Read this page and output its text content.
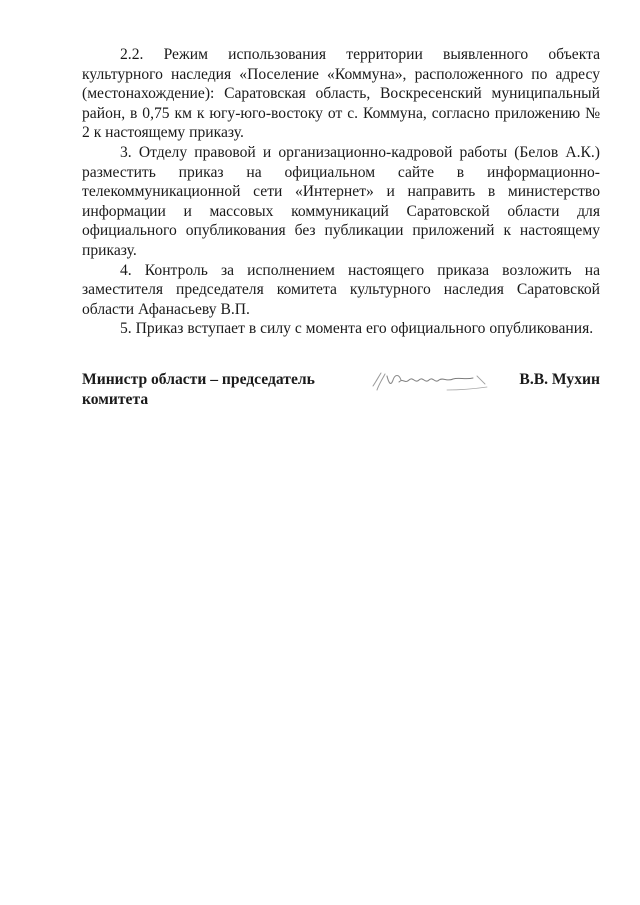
2.2. Режим использования территории выявленного объекта культурного наследия «Поселение «Коммуна», расположенного по адресу (местонахождение): Саратовская область, Воскресенский муниципальный район, в 0,75 км к югу-юго-востоку от с. Коммуна, согласно приложению № 2 к настоящему приказу.

3. Отделу правовой и организационно-кадровой работы (Белов А.К.) разместить приказ на официальном сайте в информационно-телекоммуникационной сети «Интернет» и направить в министерство информации и массовых коммуникаций Саратовской области для официального опубликования без публикации приложений к настоящему приказу.

4. Контроль за исполнением настоящего приказа возложить на заместителя председателя комитета культурного наследия Саратовской области Афанасьеву В.П.

5. Приказ вступает в силу с момента его официального опубликования.

Министр области – председатель комитета
В.В. Мухин
